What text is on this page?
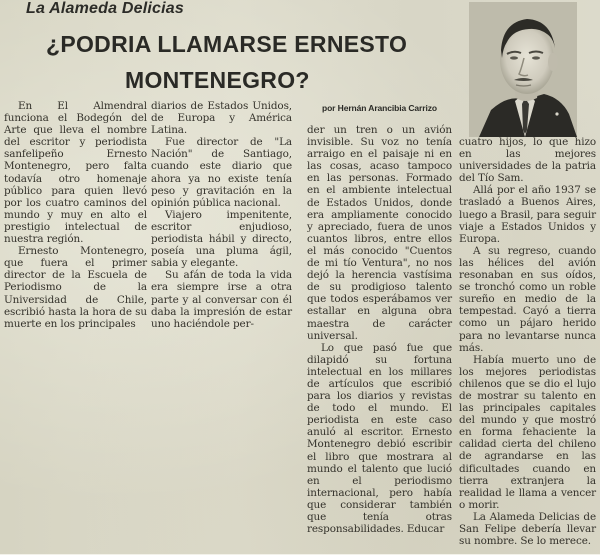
La Alameda Delicias
¿PODRIA LLAMARSE ERNESTO
MONTENEGRO?
por Hernán Arancibia Carrizo

En El Almendral funciona el Bodegón del Arte que lleva el nombre del escritor y periodista sanfelipeño Ernesto Montenegro, pero falta todavía otro homenaje público para quien llevó por los cuatro caminos del mundo y muy en alto el prestigio intelectual de nuestra región.

Ernesto Montenegro, que fuera el primer director de la Escuela de Periodismo de la Universidad de Chile, escribió hasta la hora de su muerte en los principales

diarios de Estados Unidos, de Europa y América Latina.

Fue director de "La Nación" de Santiago, cuando este diario que ahora ya no existe tenía peso y gravitación en la opinión pública nacional.

Viajero impenitente, escritor enjudioso, periodista hábil y directo, poseía una pluma ágil, sabia y elegante.

Su afán de toda la vida era siempre irse a otra parte y al conversar con él daba la impresión de estar uno haciéndole per-

der un tren o un avión invisible. Su voz no tenía arraigo en el paisaje ni en las cosas, acaso tampoco en las personas. Formado en el ambiente intelectual de Estados Unidos, donde era ampliamente conocido y apreciado, fuera de unos cuantos libros, entre ellos el más conocido "Cuentos de mi tío Ventura", no nos dejó la herencia vastísima de su prodigioso talento que todos esperábamos ver estallar en alguna obra maestra de carácter universal.

Lo que pasó fue que dilapidó su fortuna intelectual en los millares de artículos que escribió para los diarios y revistas de todo el mundo. El periodista en este caso anuló al escritor. Ernesto Montenegro debió escribir el libro que mostrara al mundo el talento que lució en el periodismo internacional, pero había que considerar también que tenía otras responsabilidades. Educar

cuatro hijos, lo que hizo en las mejores universidades de la patria del Tío Sam.

Allá por el año 1937 se trasladó a Buenos Aires, luego a Brasil, para seguir viaje a Estados Unidos y Europa.

A su regreso, cuando las hélices del avión resonaban en sus oídos, se tronchó como un roble sureño en medio de la tempestad. Cayó a tierra como un pájaro herido para no levantarse nunca más.

Había muerto uno de los mejores periodistas chilenos que se dio el lujo de mostrar su talento en las principales capitales del mundo y que mostró en forma fehaciente la calidad cierta del chileno de agrandarse en las dificultades cuando en tierra extranjera la realidad le llama a vencer o morir.

La Alameda Delicias de San Felipe debería llevar su nombre. Se lo merece.
